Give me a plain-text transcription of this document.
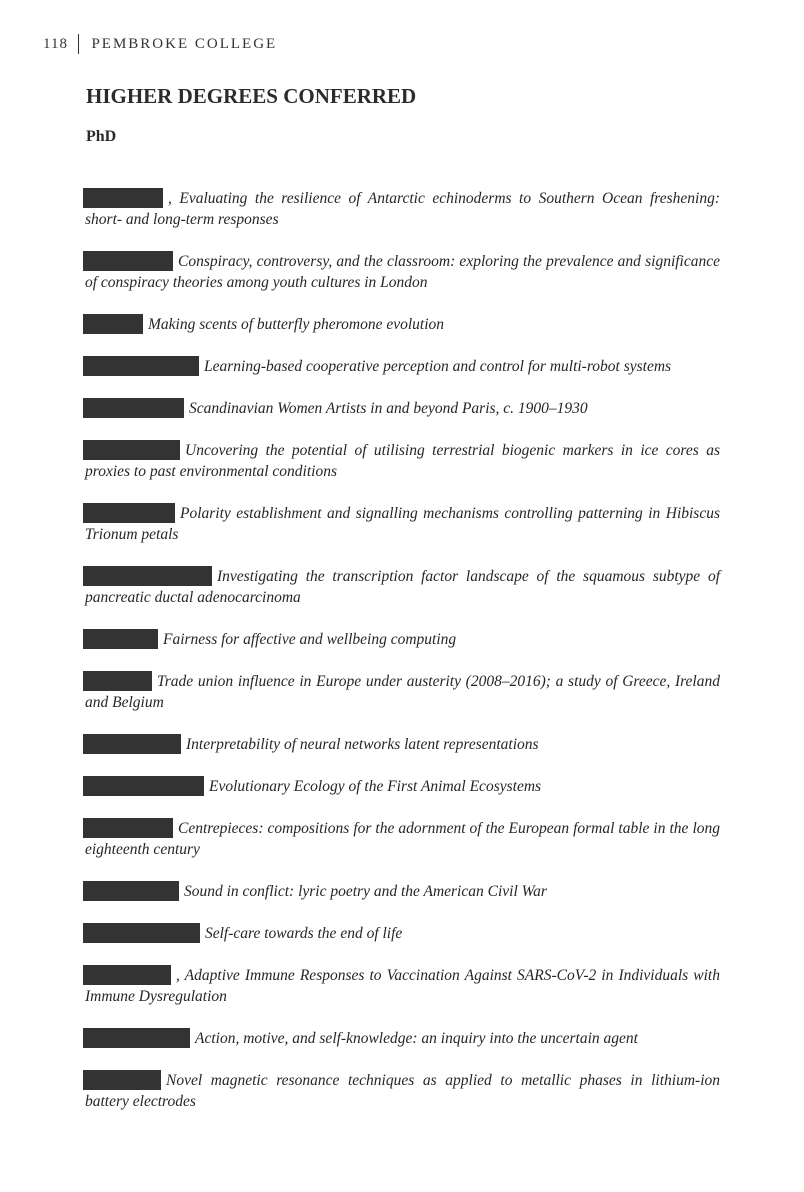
118 PEMBROKE COLLEGE
HIGHER DEGREES CONFERRED
PhD

, Evaluating the resilience of Antarctic echinoderms to Southern Ocean freshening: short- and long-term responses

Conspiracy, controversy, and the classroom: exploring the prevalence and significance of conspiracy theories among youth cultures in London

Making scents of butterfly pheromone evolution

Learning-based cooperative perception and control for multi-robot systems

Scandinavian Women Artists in and beyond Paris, c. 1900–1930

Uncovering the potential of utilising terrestrial biogenic markers in ice cores as proxies to past environmental conditions

Polarity establishment and signalling mechanisms controlling patterning in Hibiscus Trionum petals

Investigating the transcription factor landscape of the squamous subtype of pancreatic ductal adenocarcinoma

Fairness for affective and wellbeing computing

Trade union influence in Europe under austerity (2008–2016); a study of Greece, Ireland and Belgium

Interpretability of neural networks latent representations

Evolutionary Ecology of the First Animal Ecosystems

Centrepieces: compositions for the adornment of the European formal table in the long eighteenth century

Sound in conflict: lyric poetry and the American Civil War

Self-care towards the end of life

, Adaptive Immune Responses to Vaccination Against SARS-CoV-2 in Individuals with Immune Dysregulation

Action, motive, and self-knowledge: an inquiry into the uncertain agent

Novel magnetic resonance techniques as applied to metallic phases in lithium-ion battery electrodes
